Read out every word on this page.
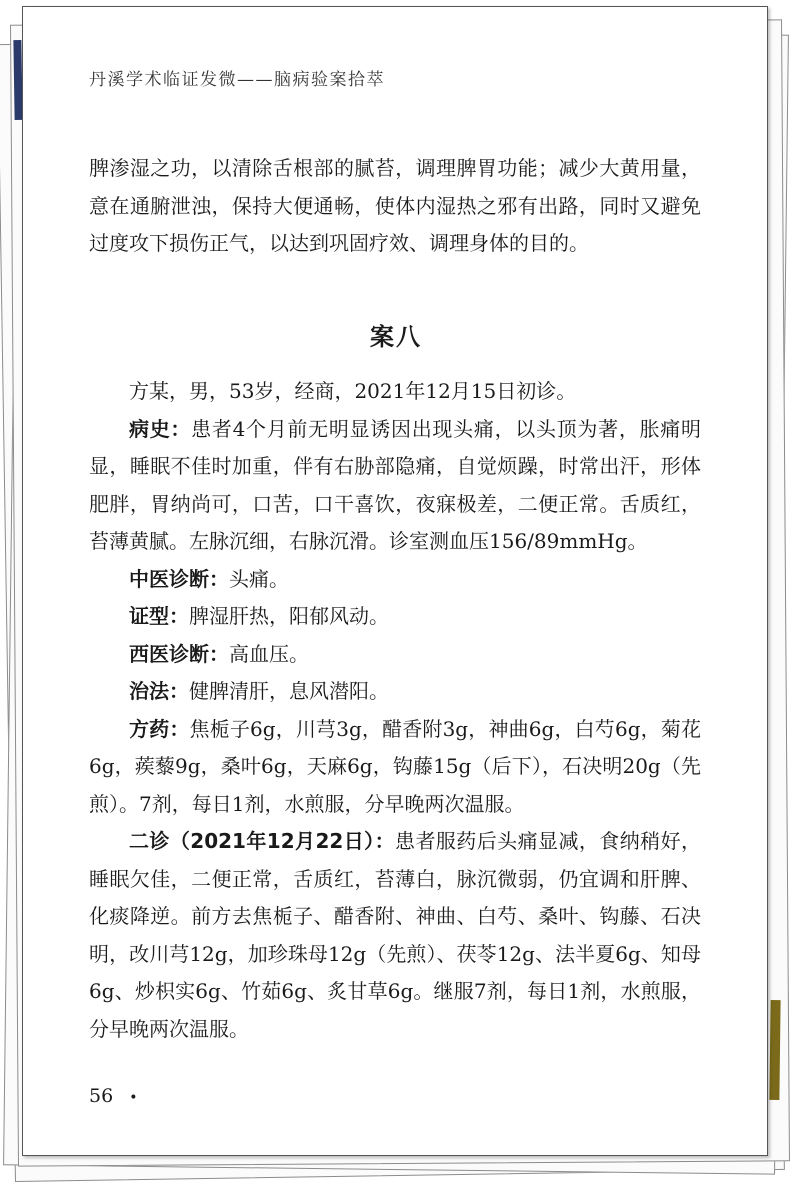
丹溪学术临证发微——脑病验案拾萃

脾渗湿之功，以清除舌根部的腻苔，调理脾胃功能；减少大黄用量，意在通腑泄浊，保持大便通畅，使体内湿热之邪有出路，同时又避免过度攻下损伤正气，以达到巩固疗效、调理身体的目的。

案八

方某，男，53岁，经商，2021年12月15日初诊。

病史：患者4个月前无明显诱因出现头痛，以头顶为著，胀痛明显，睡眠不佳时加重，伴有右胁部隐痛，自觉烦躁，时常出汗，形体肥胖，胃纳尚可，口苦，口干喜饮，夜寐极差，二便正常。舌质红，苔薄黄腻。左脉沉细，右脉沉滑。诊室测血压156/89mmHg。

中医诊断：头痛。

证型：脾湿肝热，阳郁风动。

西医诊断：高血压。

治法：健脾清肝，息风潜阳。

方药：焦栀子6g，川芎3g，醋香附3g，神曲6g，白芍6g，菊花6g，蒺藜9g，桑叶6g，天麻6g，钩藤15g（后下），石决明20g（先煎）。7剂，每日1剂，水煎服，分早晚两次温服。

二诊（2021年12月22日）：患者服药后头痛显减，食纳稍好，睡眠欠佳，二便正常，舌质红，苔薄白，脉沉微弱，仍宜调和肝脾、化痰降逆。前方去焦栀子、醋香附、神曲、白芍、桑叶、钩藤、石决明，改川芎12g，加珍珠母12g（先煎）、茯苓12g、法半夏6g、知母6g、炒枳实6g、竹茹6g、炙甘草6g。继服7剂，每日1剂，水煎服，分早晚两次温服。

56 •
